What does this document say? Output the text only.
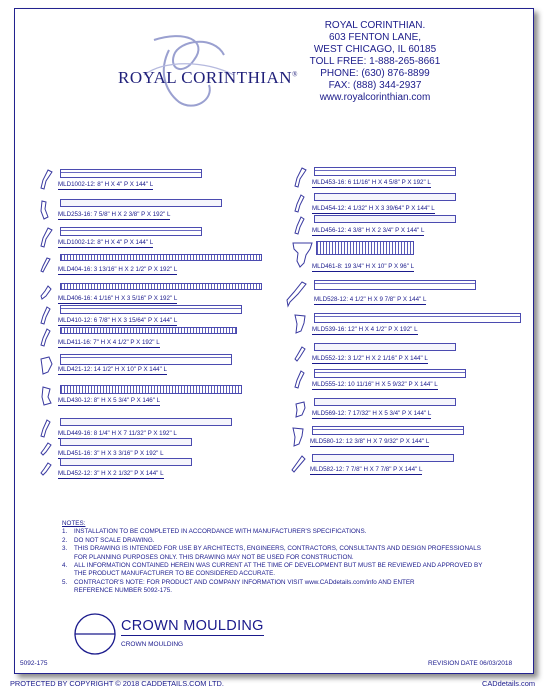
ROYAL CORINTHIAN®
ROYAL CORINTHIAN.
603 FENTON LANE,
WEST CHICAGO, IL 60185
TOLL FREE: 1-888-265-8661
PHONE: (630) 876-8899
FAX: (888) 344-2937
www.royalcorinthian.com
MLD1002-12: 8" H X 4" P X 144" L
MLD253-16: 7 5/8" H X 2 3/8" P X 192" L
MLD1002-12: 8" H X 4" P X 144" L
MLD404-16: 3 13/16" H X 2 1/2" P X 192" L
MLD406-16: 4 1/16" H X 3 5/16" P X 192" L
MLD410-12: 6 7/8" H X 3 15/64" P X 144" L
MLD411-16: 7" H X 4 1/2" P X 192" L
MLD421-12: 14 1/2" H X 10" P X 144" L
MLD430-12: 8" H X 5 3/4" P X 146" L
MLD449-16: 8 1/4" H X 7 11/32" P X 192" L
MLD451-16: 3" H X 3 3/16" P X 192" L
MLD452-12: 3" H X 2 1/32" P X 144" L
MLD453-16: 6 11/16" H X 4 5/8" P X 192" L
MLD454-12: 4 1/32" H X 3 39/64" P X 144" L
MLD456-12: 4 3/8" H X 2 3/4" P X 144" L
MLD461-8: 19 3/4" H X 10" P X 96" L
MLD528-12: 4 1/2" H X 9 7/8" P X 144" L
MLD539-16: 12" H X 4 1/2" P X 192" L
MLD552-12: 3 1/2" H X 2 1/16" P X 144" L
MLD555-12: 10 11/16" H X 5 9/32" P X 144" L
MLD569-12: 7 17/32" H X 5 3/4" P X 144" L
MLD580-12: 12 3/8" H X 7 9/32" P X 144" L
MLD582-12: 7 7/8" H X 7 7/8" P X 144" L
NOTES:
1.	INSTALLATION TO BE COMPLETED IN ACCORDANCE WITH MANUFACTURER'S SPECIFICATIONS.
2.	DO NOT SCALE DRAWING.
3.	THIS DRAWING IS INTENDED FOR USE BY ARCHITECTS, ENGINEERS, CONTRACTORS, CONSULTANTS AND DESIGN PROFESSIONALS
FOR PLANNING PURPOSES ONLY. THIS DRAWING MAY NOT BE USED FOR CONSTRUCTION.
4.	ALL INFORMATION CONTAINED HEREIN WAS CURRENT AT THE TIME OF DEVELOPMENT BUT MUST BE REVIEWED AND APPROVED BY
THE PRODUCT MANUFACTURER TO BE CONSIDERED ACCURATE.
5.	CONTRACTOR'S NOTE: FOR PRODUCT AND COMPANY INFORMATION VISIT www.CADdetails.com/info AND ENTER
REFERENCE NUMBER 5092-175.
CROWN MOULDING
CROWN MOULDING
5092-175	REVISION DATE 06/03/2018
PROTECTED BY COPYRIGHT © 2018 CADDETAILS.COM LTD.	CADdetails.com
